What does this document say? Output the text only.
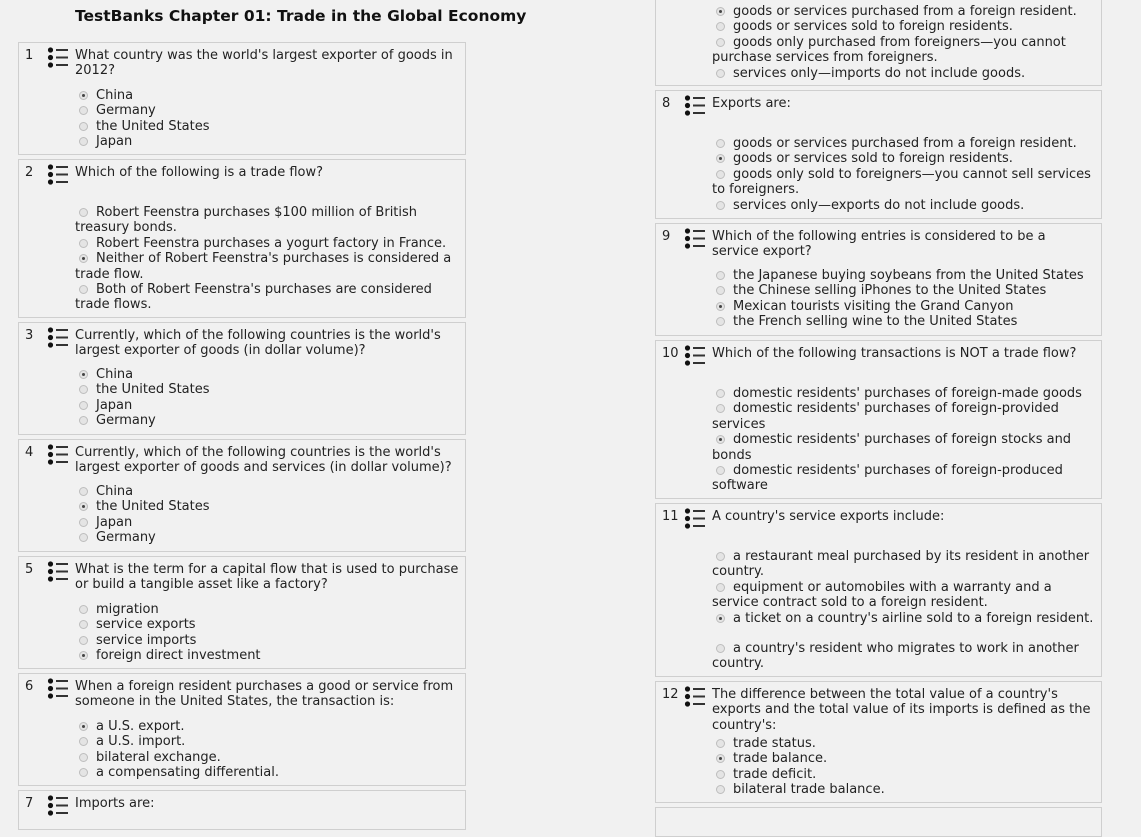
TestBanks Chapter 01: Trade in the Global Economy
1	What country was the world's largest exporter of goods in 2012?
China
Germany
the United States
Japan
2	Which of the following is a trade flow?
Robert Feenstra purchases $100 million of British treasury bonds.
Robert Feenstra purchases a yogurt factory in France.
Neither of Robert Feenstra's purchases is considered a trade flow.
Both of Robert Feenstra's purchases are considered trade flows.
3	Currently, which of the following countries is the world's largest exporter of goods (in dollar volume)?
China
the United States
Japan
Germany
4	Currently, which of the following countries is the world's largest exporter of goods and services (in dollar volume)?
China
the United States
Japan
Germany
5	What is the term for a capital flow that is used to purchase or build a tangible asset like a factory?
migration
service exports
service imports
foreign direct investment
6	When a foreign resident purchases a good or service from someone in the United States, the transaction is:
a U.S. export.
a U.S. import.
bilateral exchange.
a compensating differential.
7	Imports are:
goods or services purchased from a foreign resident.
goods or services sold to foreign residents.
goods only purchased from foreigners—you cannot purchase services from foreigners.
services only—imports do not include goods.
8	Exports are:
goods or services purchased from a foreign resident.
goods or services sold to foreign residents.
goods only sold to foreigners—you cannot sell services to foreigners.
services only—exports do not include goods.
9	Which of the following entries is considered to be a service export?
the Japanese buying soybeans from the United States
the Chinese selling iPhones to the United States
Mexican tourists visiting the Grand Canyon
the French selling wine to the United States
10	Which of the following transactions is NOT a trade flow?
domestic residents' purchases of foreign-made goods
domestic residents' purchases of foreign-provided services
domestic residents' purchases of foreign stocks and bonds
domestic residents' purchases of foreign-produced software
11	A country's service exports include:
a restaurant meal purchased by its resident in another country.
equipment or automobiles with a warranty and a service contract sold to a foreign resident.
a ticket on a country's airline sold to a foreign resident.
a country's resident who migrates to work in another country.
12	The difference between the total value of a country's exports and the total value of its imports is defined as the country's:
trade status.
trade balance.
trade deficit.
bilateral trade balance.
